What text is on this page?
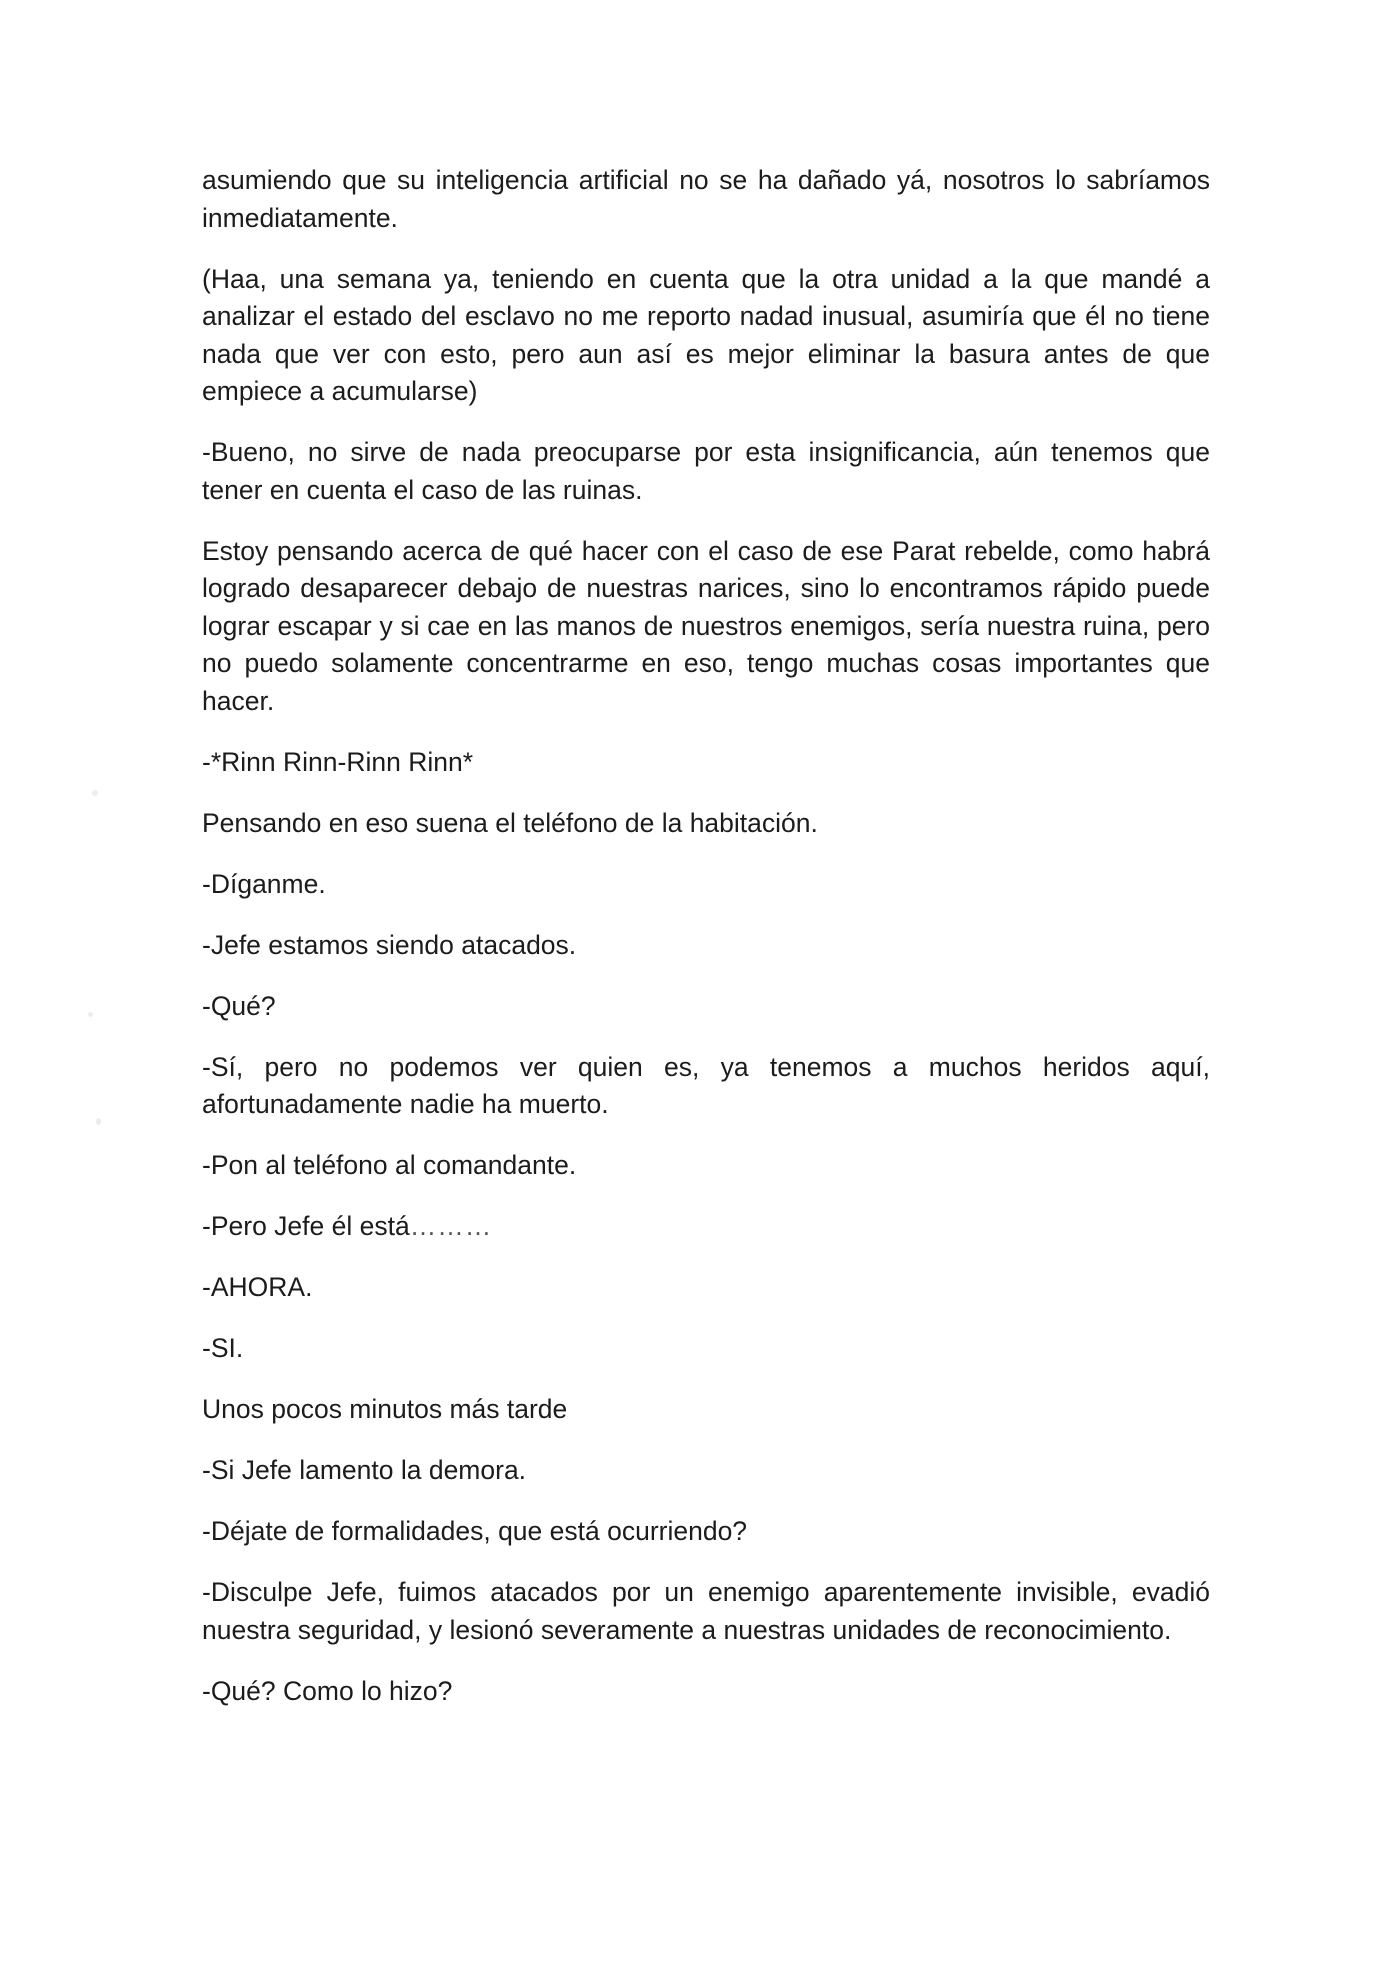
asumiendo que su inteligencia artificial no se ha dañado yá, nosotros lo sabríamos inmediatamente.

(Haa, una semana ya, teniendo en cuenta que la otra unidad a la que mandé a analizar el estado del esclavo no me reporto nadad inusual, asumiría que él no tiene nada que ver con esto, pero aun así es mejor eliminar la basura antes de que empiece a acumularse)

-Bueno, no sirve de nada preocuparse por esta insignificancia, aún tenemos que tener en cuenta el caso de las ruinas.

Estoy pensando acerca de qué hacer con el caso de ese Parat rebelde, como habrá logrado desaparecer debajo de nuestras narices, sino lo encontramos rápido puede lograr escapar y si cae en las manos de nuestros enemigos, sería nuestra ruina, pero no puedo solamente concentrarme en eso, tengo muchas cosas importantes que hacer.

-*Rinn Rinn-Rinn Rinn*

Pensando en eso suena el teléfono de la habitación.

-Díganme.

-Jefe estamos siendo atacados.

-Qué?

-Sí, pero no podemos ver quien es, ya tenemos a muchos heridos aquí, afortunadamente nadie ha muerto.

-Pon al teléfono al comandante.

-Pero Jefe él está………

-AHORA.

-SI.

Unos pocos minutos más tarde

-Si Jefe lamento la demora.

-Déjate de formalidades, que está ocurriendo?

-Disculpe Jefe, fuimos atacados por un enemigo aparentemente invisible, evadió nuestra seguridad, y lesionó severamente a nuestras unidades de reconocimiento.

-Qué? Como lo hizo?
